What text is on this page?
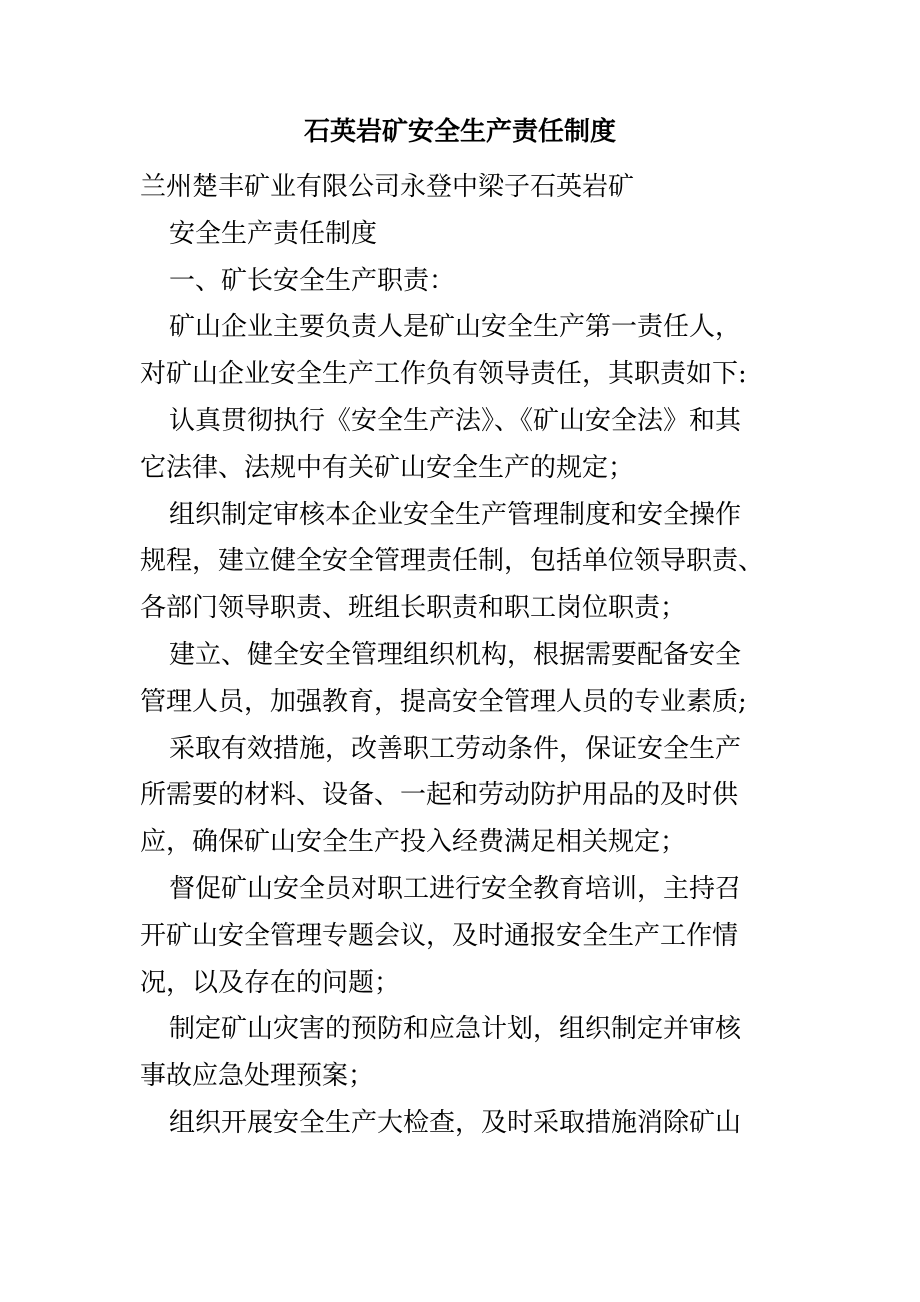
石英岩矿安全生产责任制度
兰州楚丰矿业有限公司永登中梁子石英岩矿
安全生产责任制度
一、矿长安全生产职责：
矿山企业主要负责人是矿山安全生产第一责任人，
对矿山企业安全生产工作负有领导责任，其职责如下:
认真贯彻执行《安全生产法》、《矿山安全法》和其
它法律、法规中有关矿山安全生产的规定；
组织制定审核本企业安全生产管理制度和安全操作
规程，建立健全安全管理责任制，包括单位领导职责、
各部门领导职责、班组长职责和职工岗位职责；
建立、健全安全管理组织机构，根据需要配备安全
管理人员，加强教育，提高安全管理人员的专业素质;
采取有效措施，改善职工劳动条件，保证安全生产
所需要的材料、设备、一起和劳动防护用品的及时供
应，确保矿山安全生产投入经费满足相关规定；
督促矿山安全员对职工进行安全教育培训，主持召
开矿山安全管理专题会议，及时通报安全生产工作情
况，以及存在的问题；
制定矿山灾害的预防和应急计划，组织制定并审核
事故应急处理预案；
组织开展安全生产大检查，及时采取措施消除矿山
